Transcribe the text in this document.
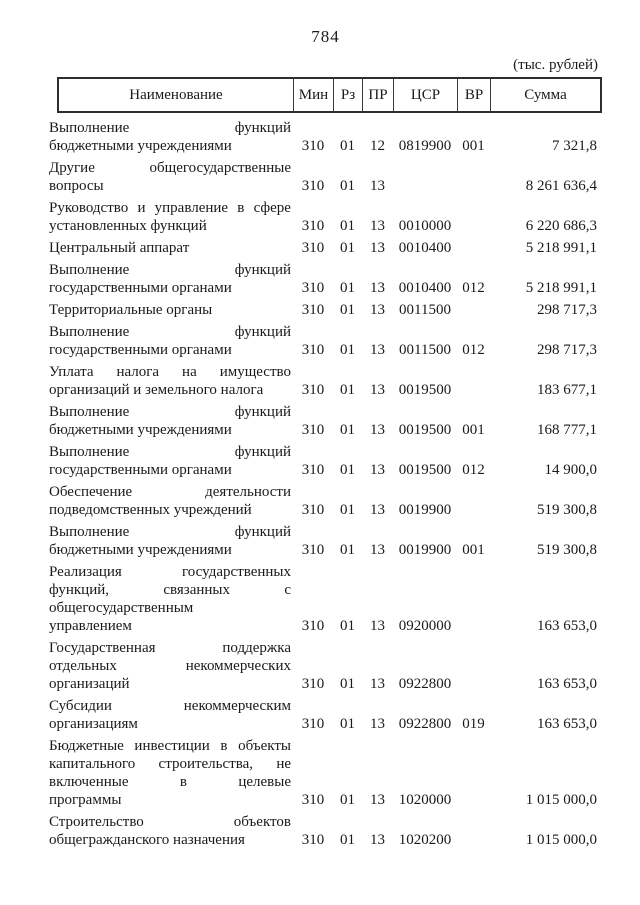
784
(тыс. рублей)
Наименование	Мин Рз ПР	ЦСР	ВР	Сумма
Выполнение	функций
бюджетными учреждениями	310	01	12 0819900 001	7 321,8
Другие	общегосударственные
вопросы	310	01	13	8 261 636,4
Руководство и управление в сфере
установленных функций	310	01	13 0010000	6 220 686,3
Центральный аппарат	310	01	13 0010400	5 218 991,1
Выполнение	функций
государственными органами	310	01	13 0010400 012	5 218 991,1
Территориальные органы	310	01	13 0011500	298 717,3
Выполнение	функций
государственными органами	310	01	13 0011500 012	298 717,3
Уплата налога на имущество
организаций и земельного налога	310	01	13 0019500	183 677,1
Выполнение	функций
бюджетными учреждениями	310	01	13 0019500 001	168 777,1
Выполнение	функций
государственными органами	310	01	13 0019500 012	14 900,0
Обеспечение	деятельности
подведомственных учреждений	310	01	13 0019900	519 300,8
Выполнение	функций
бюджетными учреждениями	310	01	13 0019900 001	519 300,8
Реализация	государственных
функций,	связанных	с
общегосударственным
управлением	310	01	13 0920000	163 653,0
Государственная	поддержка
отдельных	некоммерческих
организаций	310	01	13 0922800	163 653,0
Субсидии	некоммерческим
организациям	310	01	13 0922800 019	163 653,0
Бюджетные инвестиции в объекты
капитального строительства, не
включенные	в	целевые
программы	310	01	13 1020000	1 015 000,0
Строительство	объектов
общегражданского назначения	310	01	13 1020200	1 015 000,0
